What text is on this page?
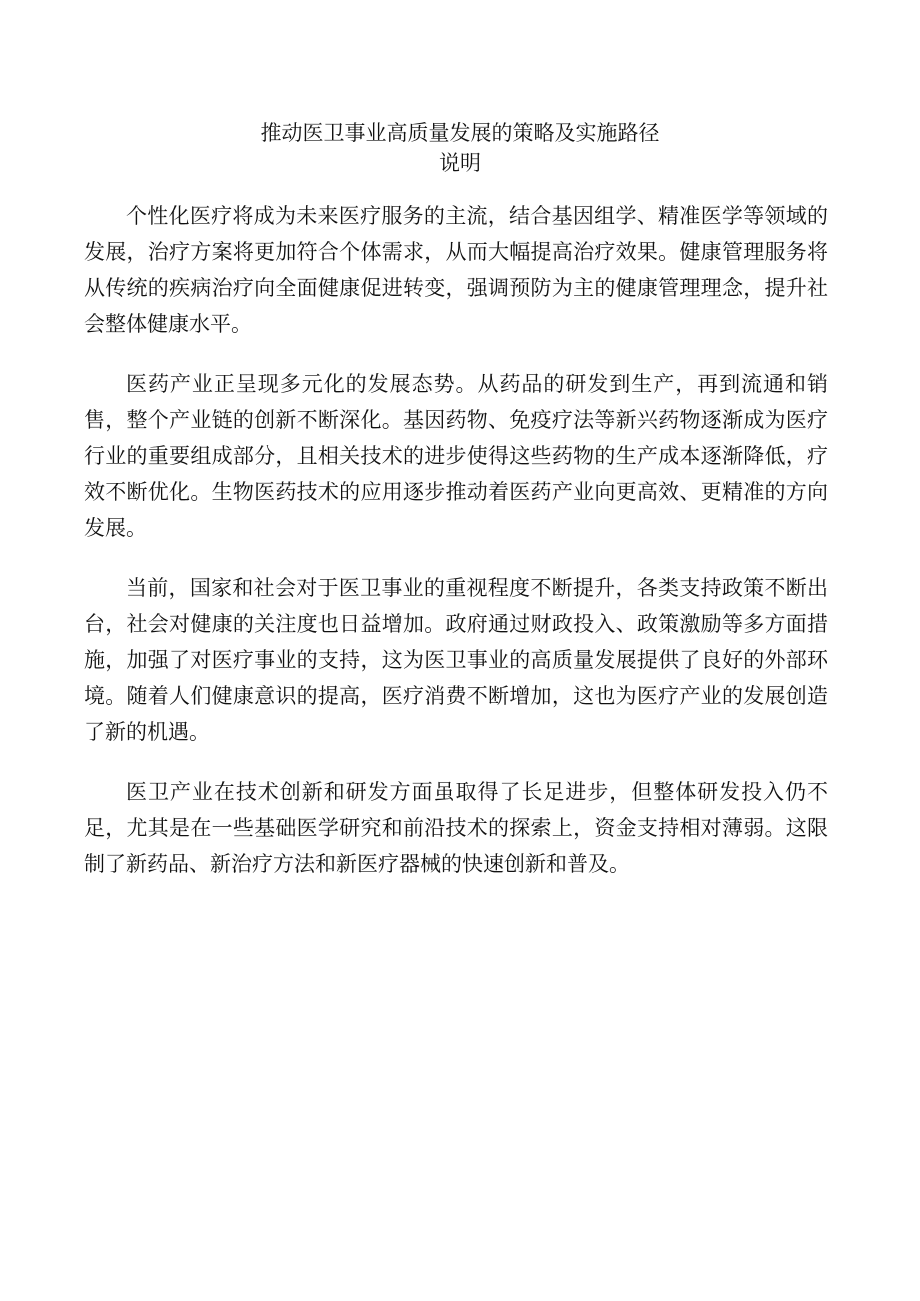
推动医卫事业高质量发展的策略及实施路径
说明

个性化医疗将成为未来医疗服务的主流，结合基因组学、精准医学等领域的发展，治疗方案将更加符合个体需求，从而大幅提高治疗效果。健康管理服务将从传统的疾病治疗向全面健康促进转变，强调预防为主的健康管理理念，提升社会整体健康水平。

医药产业正呈现多元化的发展态势。从药品的研发到生产，再到流通和销售，整个产业链的创新不断深化。基因药物、免疫疗法等新兴药物逐渐成为医疗行业的重要组成部分，且相关技术的进步使得这些药物的生产成本逐渐降低，疗效不断优化。生物医药技术的应用逐步推动着医药产业向更高效、更精准的方向发展。

当前，国家和社会对于医卫事业的重视程度不断提升，各类支持政策不断出台，社会对健康的关注度也日益增加。政府通过财政投入、政策激励等多方面措施，加强了对医疗事业的支持，这为医卫事业的高质量发展提供了良好的外部环境。随着人们健康意识的提高，医疗消费不断增加，这也为医疗产业的发展创造了新的机遇。

医卫产业在技术创新和研发方面虽取得了长足进步，但整体研发投入仍不足，尤其是在一些基础医学研究和前沿技术的探索上，资金支持相对薄弱。这限制了新药品、新治疗方法和新医疗器械的快速创新和普及。
